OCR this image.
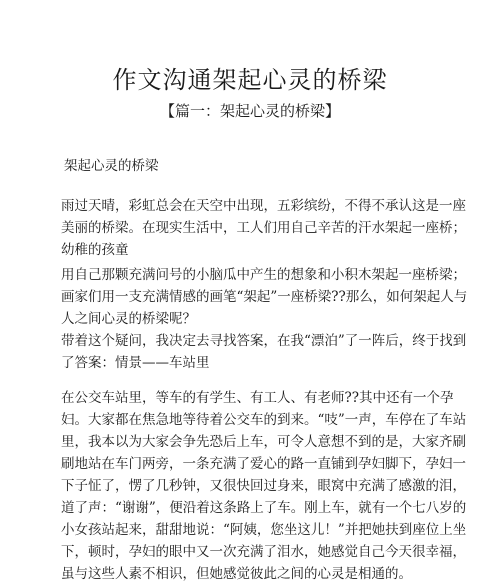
作文沟通架起心灵的桥梁
【篇一：架起心灵的桥梁】
架起心灵的桥梁
雨过天晴，彩虹总会在天空中出现，五彩缤纷，不得不承认这是一座
美丽的桥梁。在现实生活中，工人们用自己辛苦的汗水架起一座桥；
幼稚的孩童
用自己那颗充满问号的小脑瓜中产生的想象和小积木架起一座桥梁；
画家们用一支充满情感的画笔“架起”一座桥梁??那么，如何架起人与
人之间心灵的桥梁呢？
带着这个疑问，我决定去寻找答案，在我“漂泊”了一阵后，终于找到
了答案：情景——车站里
在公交车站里，等车的有学生、有工人、有老师??其中还有一个孕
妇。大家都在焦急地等待着公交车的到来。“吱”一声，车停在了车站
里，我本以为大家会争先恐后上车，可令人意想不到的是，大家齐刷
刷地站在车门两旁，一条充满了爱心的路一直铺到孕妇脚下，孕妇一
下子怔了，愣了几秒钟，又很快回过身来，眼窝中充满了感激的泪，
道了声：“谢谢”，便沿着这条路上了车。刚上车，就有一个七八岁的
小女孩站起来，甜甜地说：“阿姨，您坐这儿！”并把她扶到座位上坐
下，顿时，孕妇的眼中又一次充满了泪水，她感觉自己今天很幸福，
虽与这些人素不相识，但她感觉彼此之间的心灵是相通的。
